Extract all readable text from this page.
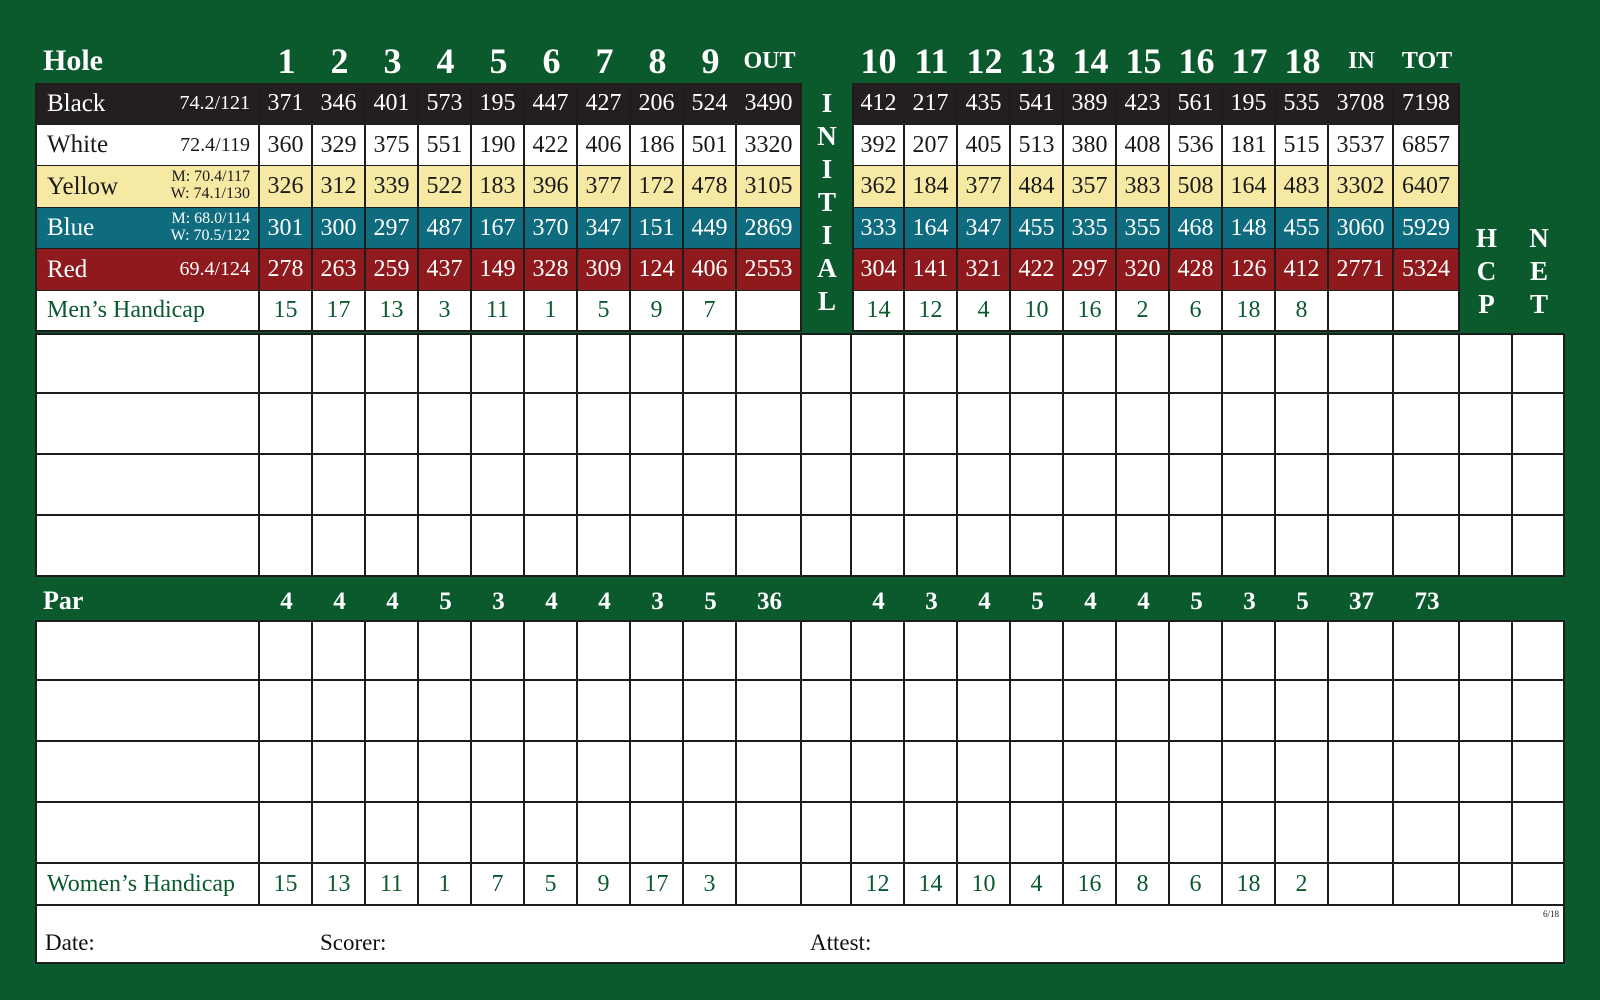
Hole	1 2 3 4 5 6 7 8 9 OUT 10 11 12 13 14 15 16 17 18	IN	TOT
Black	74.2/121 371 346 401 573 195 447 427 206 524 3490	412 217 435 541 389 423 561 195 535 3708 7198
White	72.4/119 360 329 375 551 190 422 406 186 501 3320	392 207 405 513 380 408 536 181 515 3537 6857
Yellow	M: 70.4/117
W: 74.1/130 326 312 339 522 183 396 377 172 478 3105	362 184 377 484 357 383 508 164 483 3302 6407
Blue	M: 68.0/114
W: 70.5/122 301 300 297 487 167 370 347 151 449 2869	333 164 347 455 335 355 468 148 455 3060 5929
Red	69.4/124 278 263 259 437 149 328 309 124 406 2553	304 141 321 422 297 320 428 126 412 2771 5324
Men’s Handicap	15	17	13	3	11	1	5	9	7	14	12	4	10	16	2	6	18	8
I
N
I
T
I
A
L
H
C
P
N
E
T
Par	4	4	4	5	3	4	4	3	5	36	4	3	4	5	4	4	5	3	5	37	73
Women’s Handicap	15	13	11	1	7	5	9	17	3	12	14	10	4	16	8	6	18	2
Date:	Scorer:	Attest:
6/18
